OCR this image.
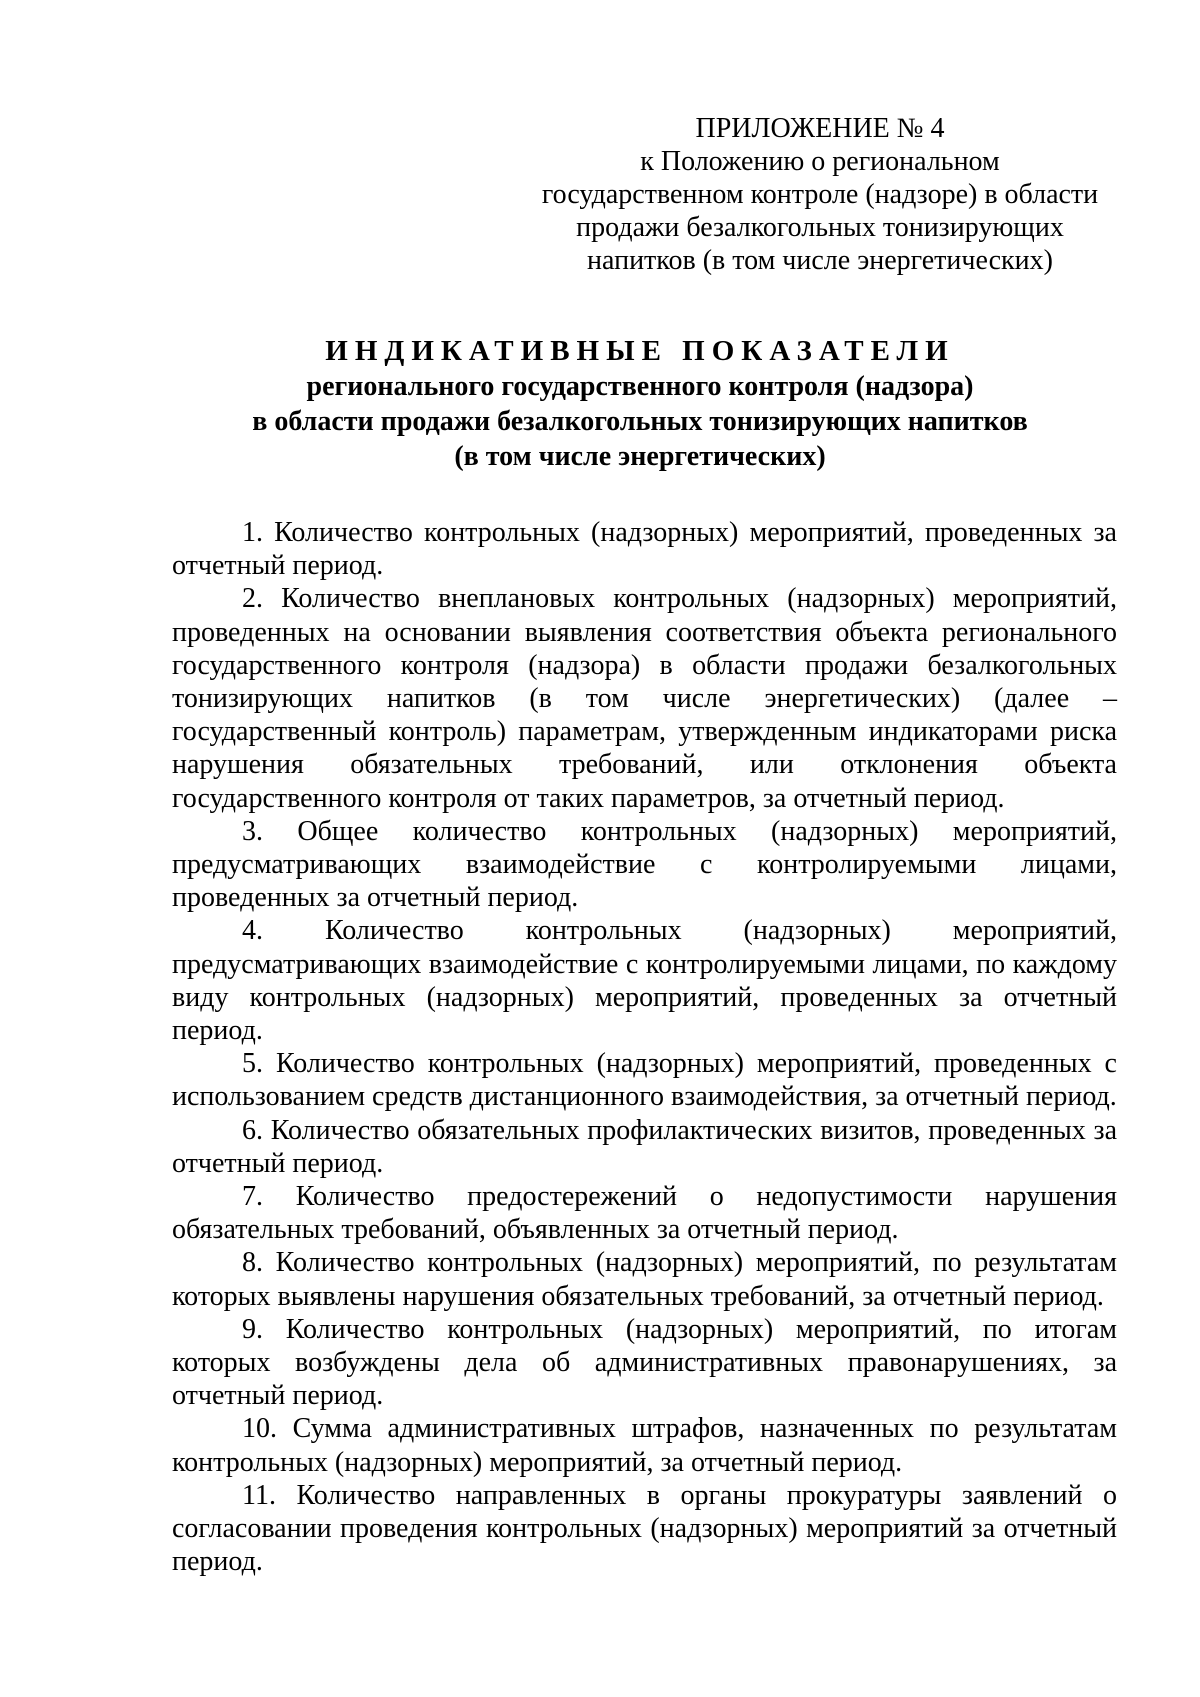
ПРИЛОЖЕНИЕ № 4
к Положению о региональном
государственном контроле (надзоре) в области
продажи безалкогольных тонизирующих
напитков (в том числе энергетических)
ИНДИКАТИВНЫЕ ПОКАЗАТЕЛИ
регионального государственного контроля (надзора)
в области продажи безалкогольных тонизирующих напитков
(в том числе энергетических)

1. Количество контрольных (надзорных) мероприятий, проведенных за отчетный период.

2. Количество внеплановых контрольных (надзорных) мероприятий, проведенных на основании выявления соответствия объекта регионального государственного контроля (надзора) в области продажи безалкогольных тонизирующих напитков (в том числе энергетических) (далее – государственный контроль) параметрам, утвержденным индикаторами риска нарушения обязательных требований, или отклонения объекта государственного контроля от таких параметров, за отчетный период.

3. Общее количество контрольных (надзорных) мероприятий, предусматривающих взаимодействие с контролируемыми лицами, проведенных за отчетный период.

4. Количество контрольных (надзорных) мероприятий, предусматривающих взаимодействие с контролируемыми лицами, по каждому виду контрольных (надзорных) мероприятий, проведенных за отчетный период.

5. Количество контрольных (надзорных) мероприятий, проведенных с использованием средств дистанционного взаимодействия, за отчетный период.

6. Количество обязательных профилактических визитов, проведенных за отчетный период.

7. Количество предостережений о недопустимости нарушения обязательных требований, объявленных за отчетный период.

8. Количество контрольных (надзорных) мероприятий, по результатам которых выявлены нарушения обязательных требований, за отчетный период.

9. Количество контрольных (надзорных) мероприятий, по итогам которых возбуждены дела об административных правонарушениях, за отчетный период.

10. Сумма административных штрафов, назначенных по результатам контрольных (надзорных) мероприятий, за отчетный период.

11. Количество направленных в органы прокуратуры заявлений о согласовании проведения контрольных (надзорных) мероприятий за отчетный период.
